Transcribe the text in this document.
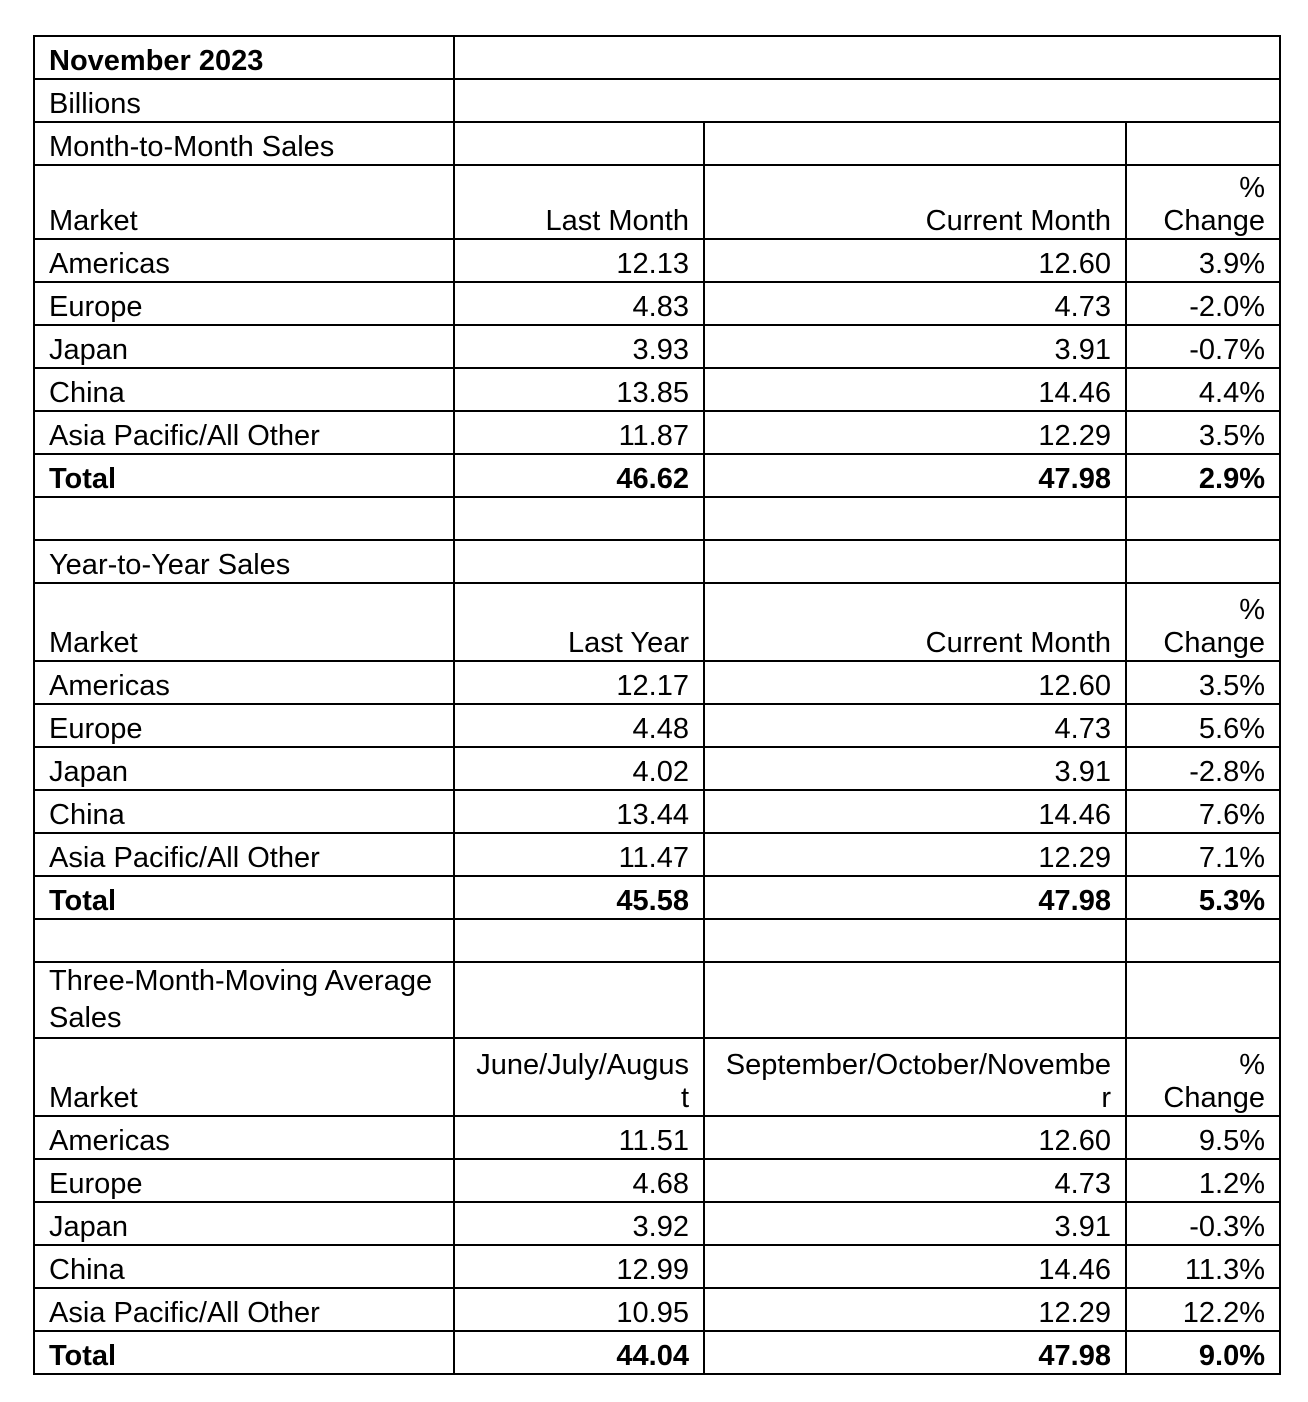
November 2023			
Billions			
Month-to-Month Sales			
Market	Last Month	Current Month	% Change
Americas	12.13	12.60	3.9%
Europe	4.83	4.73	-2.0%
Japan	3.93	3.91	-0.7%
China	13.85	14.46	4.4%
Asia Pacific/All Other	11.87	12.29	3.5%
Total	46.62	47.98	2.9%

Year-to-Year Sales			
Market	Last Year	Current Month	% Change
Americas	12.17	12.60	3.5%
Europe	4.48	4.73	5.6%
Japan	4.02	3.91	-2.8%
China	13.44	14.46	7.6%
Asia Pacific/All Other	11.47	12.29	7.1%
Total	45.58	47.98	5.3%

Three-Month-Moving Average Sales			
Market	June/July/August	September/October/November	% Change
Americas	11.51	12.60	9.5%
Europe	4.68	4.73	1.2%
Japan	3.92	3.91	-0.3%
China	12.99	14.46	11.3%
Asia Pacific/All Other	10.95	12.29	12.2%
Total	44.04	47.98	9.0%
